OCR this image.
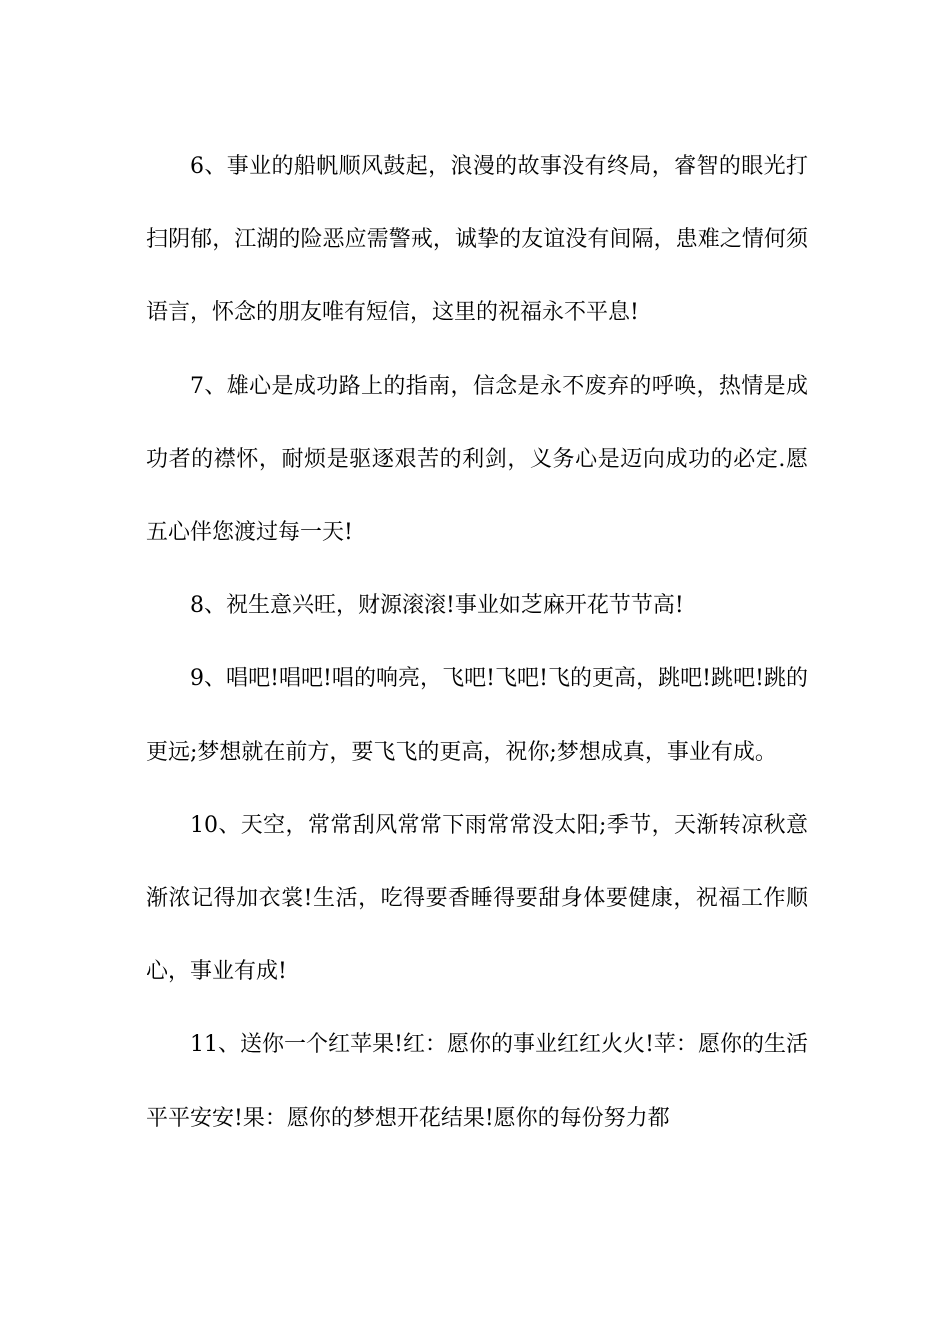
6、事业的船帆顺风鼓起，浪漫的故事没有终局，睿智的眼光打扫阴郁，江湖的险恶应需警戒，诚挚的友谊没有间隔，患难之情何须语言，怀念的朋友唯有短信，这里的祝福永不平息!

7、雄心是成功路上的指南，信念是永不废弃的呼唤，热情是成功者的襟怀，耐烦是驱逐艰苦的利剑，义务心是迈向成功的必定.愿五心伴您渡过每一天!

8、祝生意兴旺，财源滚滚!事业如芝麻开花节节高!

9、唱吧!唱吧!唱的响亮，飞吧!飞吧!飞的更高，跳吧!跳吧!跳的更远;梦想就在前方，要飞飞的更高，祝你;梦想成真，事业有成。

10、天空，常常刮风常常下雨常常没太阳;季节，天渐转凉秋意渐浓记得加衣裳!生活，吃得要香睡得要甜身体要健康，祝福工作顺心，事业有成!

11、送你一个红苹果!红：愿你的事业红红火火!苹：愿你的生活平平安安!果：愿你的梦想开花结果!愿你的每份努力都
